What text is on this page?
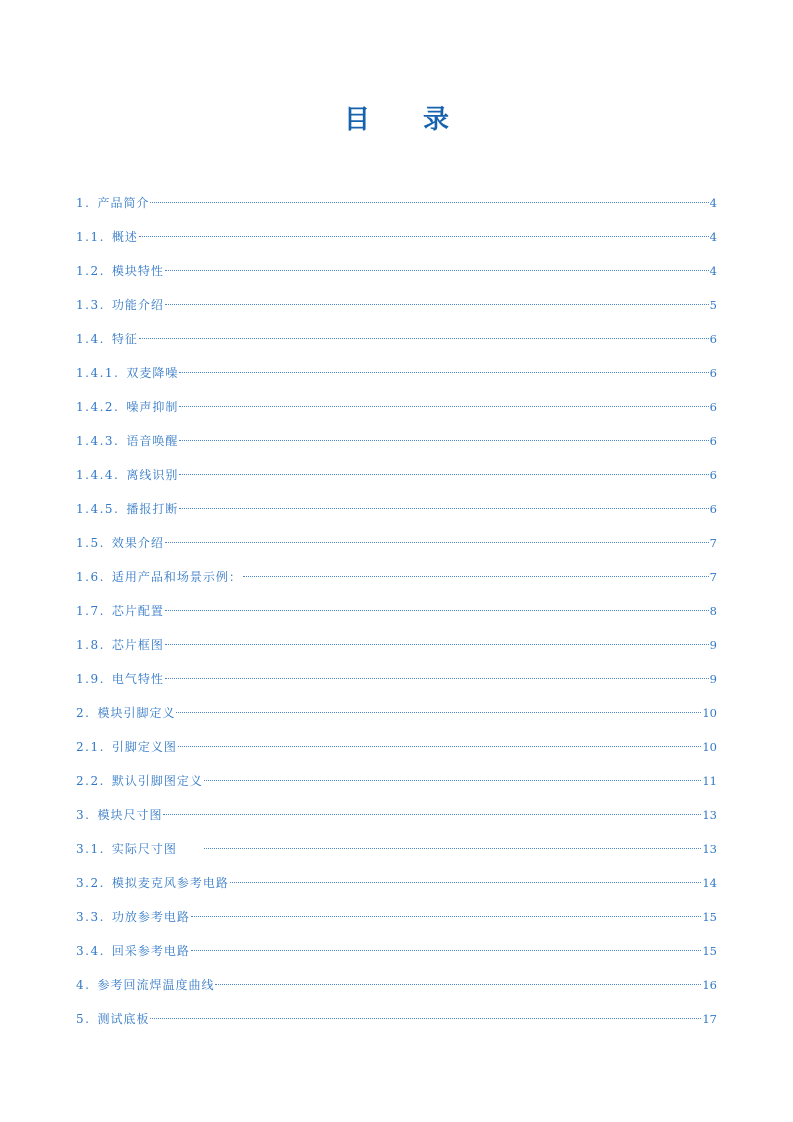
目 录
1. 产品简介	4
1.1. 概述	4
1.2. 模块特性	4
1.3. 功能介绍	5
1.4. 特征	6
1.4.1. 双麦降噪	6
1.4.2. 噪声抑制	6
1.4.3. 语音唤醒	6
1.4.4. 离线识别	6
1.4.5. 播报打断	6
1.5. 效果介绍	7
1.6. 适用产品和场景示例：	7
1.7. 芯片配置	8
1.8. 芯片框图	9
1.9. 电气特性	9
2. 模块引脚定义	10
2.1. 引脚定义图	10
2.2. 默认引脚图定义	11
3. 模块尺寸图	13
3.1. 实际尺寸图	13
3.2. 模拟麦克风参考电路	14
3.3. 功放参考电路	15
3.4. 回采参考电路	15
4. 参考回流焊温度曲线	16
5. 测试底板	17
